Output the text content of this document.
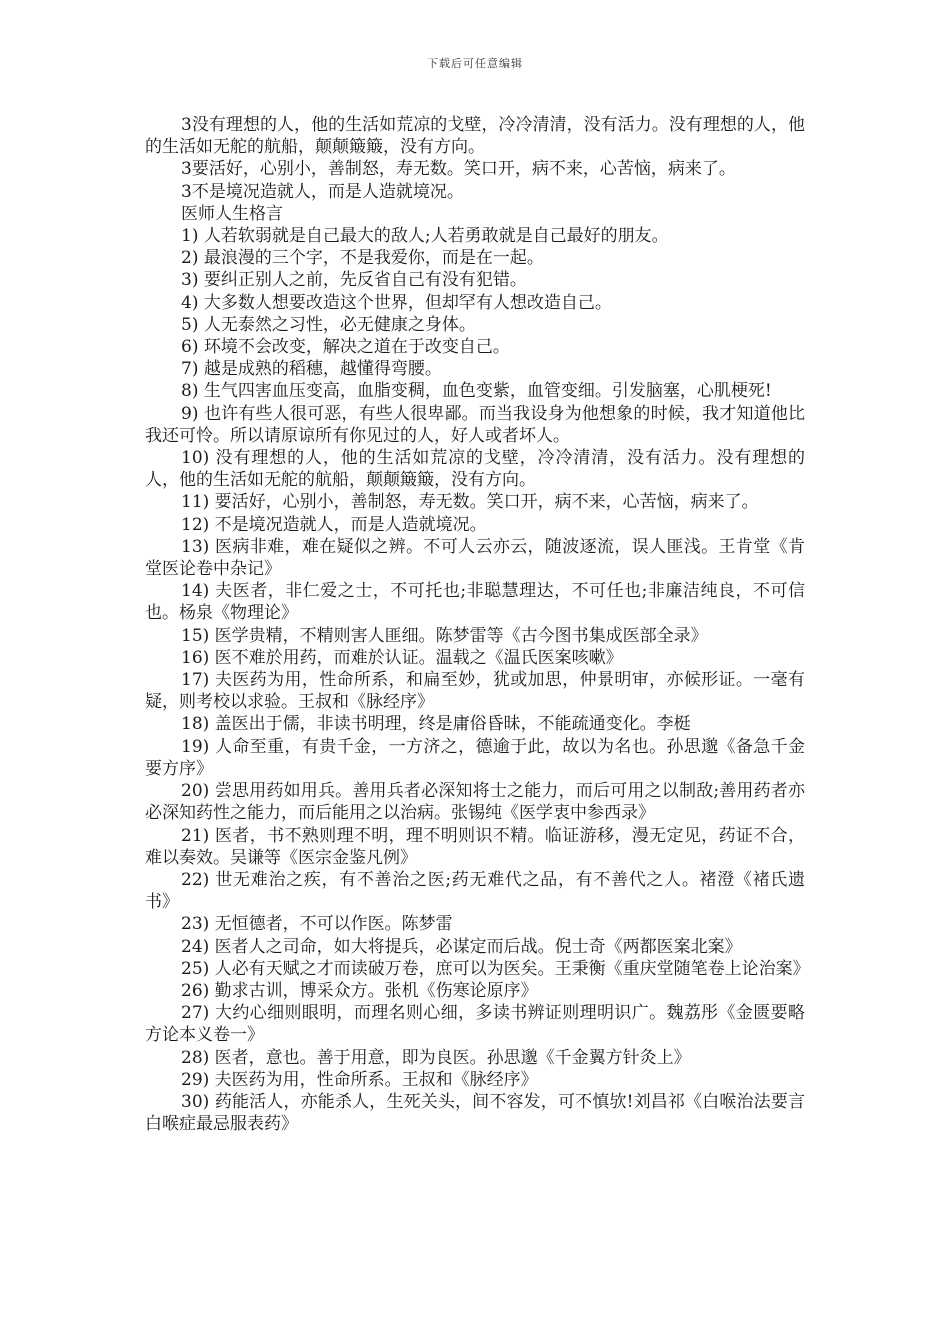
下载后可任意编辑

3没有理想的人，他的生活如荒凉的戈壁，冷冷清清，没有活力。没有理想的人，他的生活如无舵的航船，颠颠簸簸，没有方向。

3要活好，心别小，善制怒，寿无数。笑口开，病不来，心苦恼，病来了。

3不是境况造就人，而是人造就境况。

医师人生格言

1) 人若软弱就是自己最大的敌人;人若勇敢就是自己最好的朋友。

2) 最浪漫的三个字，不是我爱你，而是在一起。

3) 要纠正别人之前，先反省自己有没有犯错。

4) 大多数人想要改造这个世界，但却罕有人想改造自己。

5) 人无泰然之习性，必无健康之身体。

6) 环境不会改变，解决之道在于改变自己。

7) 越是成熟的稻穗，越懂得弯腰。

8) 生气四害血压变高，血脂变稠，血色变紫，血管变细。引发脑塞，心肌梗死!

9) 也许有些人很可恶，有些人很卑鄙。而当我设身为他想象的时候，我才知道他比我还可怜。所以请原谅所有你见过的人，好人或者坏人。

10) 没有理想的人，他的生活如荒凉的戈壁，冷冷清清，没有活力。没有理想的人，他的生活如无舵的航船，颠颠簸簸，没有方向。

11) 要活好，心别小，善制怒，寿无数。笑口开，病不来，心苦恼，病来了。

12) 不是境况造就人，而是人造就境况。

13) 医病非难，难在疑似之辨。不可人云亦云，随波逐流，误人匪浅。王肯堂《肯堂医论卷中杂记》

14) 夫医者，非仁爱之士，不可托也;非聪慧理达，不可任也;非廉洁纯良，不可信也。杨泉《物理论》

15) 医学贵精，不精则害人匪细。陈梦雷等《古今图书集成医部全录》

16) 医不难於用药，而难於认证。温载之《温氏医案咳嗽》

17) 夫医药为用，性命所系，和扁至妙，犹或加思，仲景明审，亦候形证。一毫有疑，则考校以求验。王叔和《脉经序》

18) 盖医出于儒，非读书明理，终是庸俗昏昧，不能疏通变化。李梃

19) 人命至重，有贵千金，一方济之，德逾于此，故以为名也。孙思邈《备急千金要方序》

20) 尝思用药如用兵。善用兵者必深知将士之能力，而后可用之以制敌;善用药者亦必深知药性之能力，而后能用之以治病。张锡纯《医学衷中参西录》

21) 医者，书不熟则理不明，理不明则识不精。临证游移，漫无定见，药证不合，难以奏效。吴谦等《医宗金鉴凡例》

22) 世无难治之疾，有不善治之医;药无难代之品，有不善代之人。褚澄《褚氏遗书》

23) 无恒德者，不可以作医。陈梦雷

24) 医者人之司命，如大将提兵，必谋定而后战。倪士奇《两都医案北案》

25) 人必有天赋之才而读破万卷，庶可以为医矣。王秉衡《重庆堂随笔卷上论治案》

26) 勤求古训，博采众方。张机《伤寒论原序》

27) 大约心细则眼明，而理名则心细，多读书辨证则理明识广。魏荔彤《金匮要略方论本义卷一》

28) 医者，意也。善于用意，即为良医。孙思邈《千金翼方针灸上》

29) 夫医药为用，性命所系。王叔和《脉经序》

30) 药能活人，亦能杀人，生死关头，间不容发，可不慎欤!刘昌祁《白喉治法要言白喉症最忌服表药》
